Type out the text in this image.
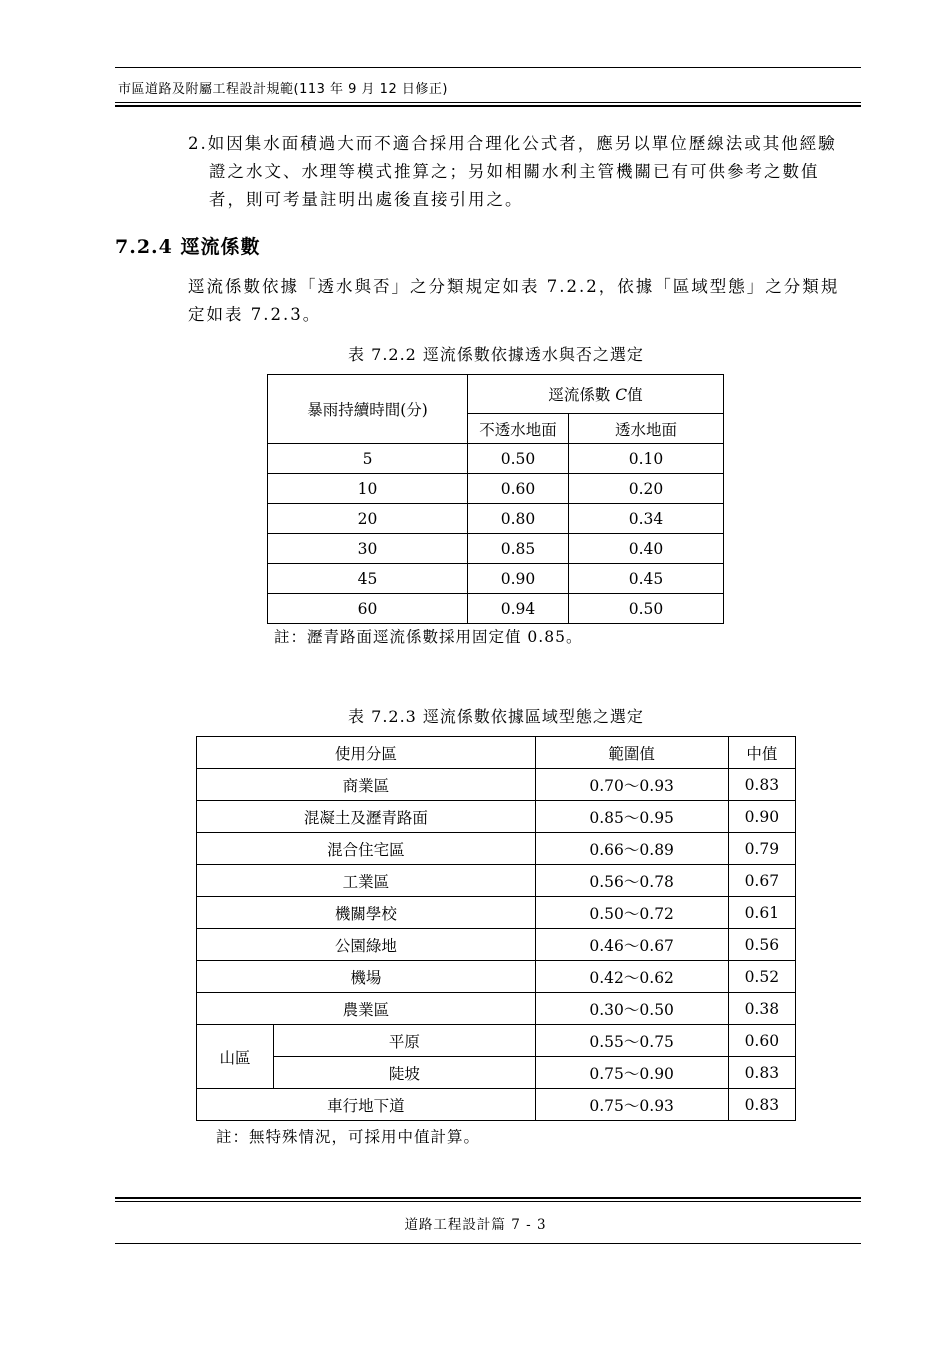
市區道路及附屬工程設計規範(113 年 9 月 12 日修正)
2.如因集水面積過大而不適合採用合理化公式者，應另以單位歷線法或其他經驗
證之水文、水理等模式推算之；另如相關水利主管機關已有可供參考之數值
者，則可考量註明出處後直接引用之。
7.2.4 逕流係數
逕流係數依據「透水與否」之分類規定如表 7.2.2，依據「區域型態」之分類規
定如表 7.2.3。
表 7.2.2 逕流係數依據透水與否之選定
暴雨持續時間(分)	逕流係數 C值	
	不透水地面	透水地面
5	0.50	0.10
10	0.60	0.20
20	0.80	0.34
30	0.85	0.40
45	0.90	0.45
60	0.94	0.50
註：瀝青路面逕流係數採用固定值 0.85。
表 7.2.3 逕流係數依據區域型態之選定
使用分區		範圍值	中值
商業區		0.70～0.93	0.83
混凝土及瀝青路面		0.85～0.95	0.90
混合住宅區		0.66～0.89	0.79
工業區		0.56～0.78	0.67
機關學校		0.50～0.72	0.61
公園綠地		0.46～0.67	0.56
機場		0.42～0.62	0.52
農業區		0.30～0.50	0.38
山區	平原	0.55～0.75	0.60
	陡坡	0.75～0.90	0.83
車行地下道		0.75～0.93	0.83
註：無特殊情況，可採用中值計算。
道路工程設計篇 7 - 3
